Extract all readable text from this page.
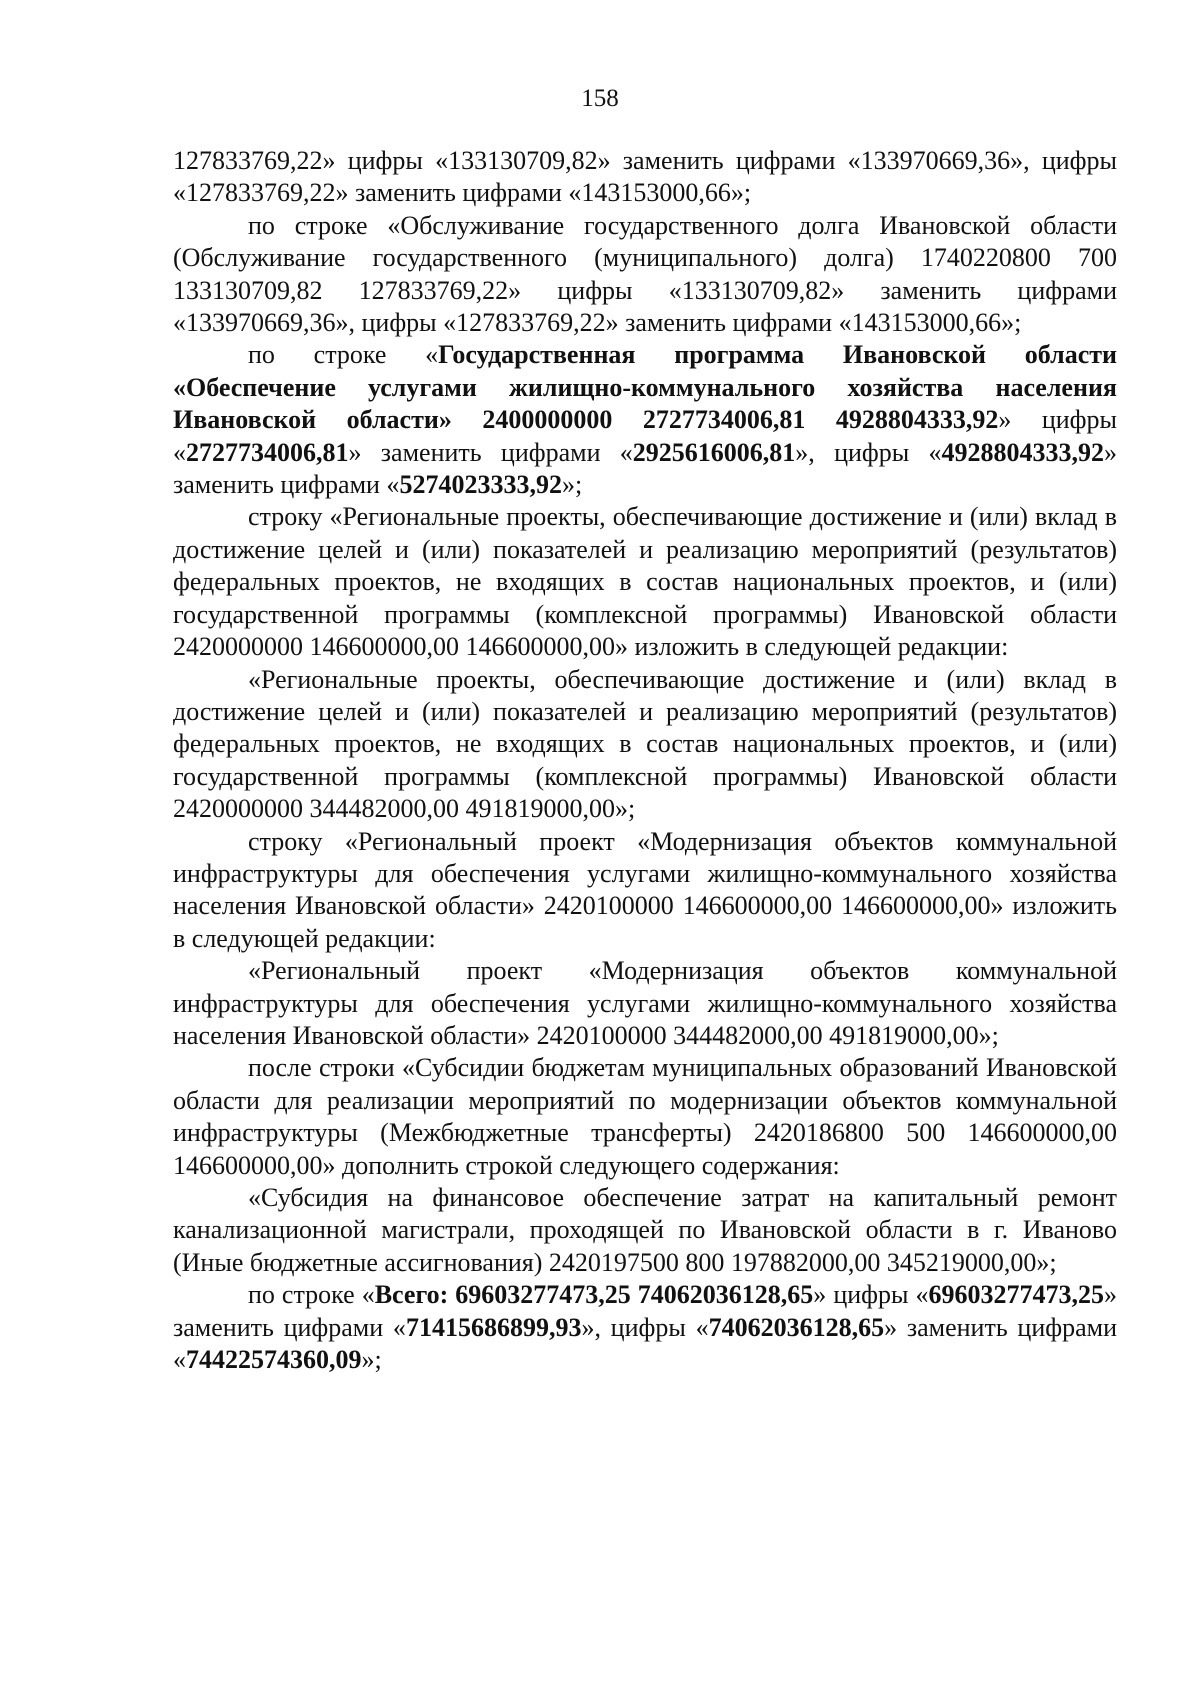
158

127833769,22» цифры «133130709,82» заменить цифрами «133970669,36», цифры «127833769,22» заменить цифрами «143153000,66»;

по строке «Обслуживание государственного долга Ивановской области (Обслуживание государственного (муниципального) долга) 1740220800 700 133130709,82 127833769,22» цифры «133130709,82» заменить цифрами «133970669,36», цифры «127833769,22» заменить цифрами «143153000,66»;

по строке «Государственная программа Ивановской области «Обеспечение услугами жилищно-коммунального хозяйства населения Ивановской области» 2400000000 2727734006,81 4928804333,92» цифры «2727734006,81» заменить цифрами «2925616006,81», цифры «4928804333,92» заменить цифрами «5274023333,92»;

строку «Региональные проекты, обеспечивающие достижение и (или) вклад в достижение целей и (или) показателей и реализацию мероприятий (результатов) федеральных проектов, не входящих в состав национальных проектов, и (или) государственной программы (комплексной программы) Ивановской области 2420000000 146600000,00 146600000,00» изложить в следующей редакции:

«Региональные проекты, обеспечивающие достижение и (или) вклад в достижение целей и (или) показателей и реализацию мероприятий (результатов) федеральных проектов, не входящих в состав национальных проектов, и (или) государственной программы (комплексной программы) Ивановской области 2420000000 344482000,00 491819000,00»;

строку «Региональный проект «Модернизация объектов коммунальной инфраструктуры для обеспечения услугами жилищно-коммунального хозяйства населения Ивановской области» 2420100000 146600000,00 146600000,00» изложить в следующей редакции:

«Региональный проект «Модернизация объектов коммунальной инфраструктуры для обеспечения услугами жилищно-коммунального хозяйства населения Ивановской области» 2420100000 344482000,00 491819000,00»;

после строки «Субсидии бюджетам муниципальных образований Ивановской области для реализации мероприятий по модернизации объектов коммунальной инфраструктуры (Межбюджетные трансферты) 2420186800 500 146600000,00 146600000,00» дополнить строкой следующего содержания:

«Субсидия на финансовое обеспечение затрат на капитальный ремонт канализационной магистрали, проходящей по Ивановской области в г. Иваново (Иные бюджетные ассигнования) 2420197500 800 197882000,00 345219000,00»;

по строке «Всего: 69603277473,25 74062036128,65» цифры «69603277473,25» заменить цифрами «71415686899,93», цифры «74062036128,65» заменить цифрами «74422574360,09»;
